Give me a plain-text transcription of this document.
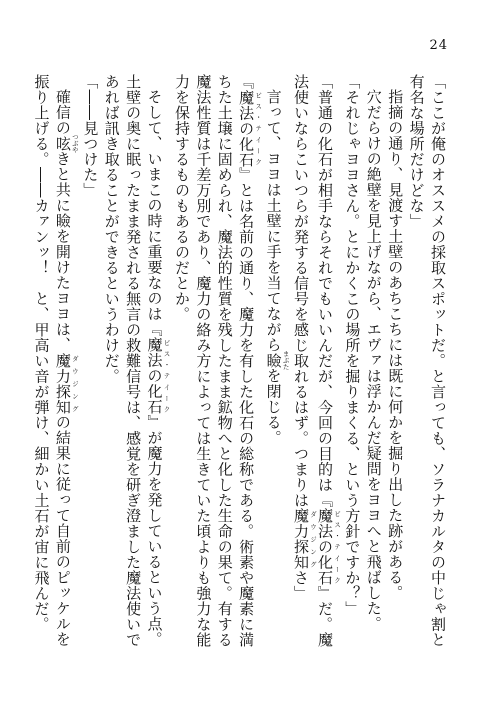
24

「ここが俺のオススメの採取スポットだ。と言っても、ソラナカルタの中じゃ割と有名な場所だけどな」

指摘の通り、見渡す土壁のあちこちには既に何かを掘り出した跡がある。

穴だらけの絶壁を見上げながら、エヴァは浮かんだ疑問をヨヨへと飛ばした。

「それじゃヨヨさん。とにかくこの場所を掘りまくる、という方針ですか？」

「普通の化石が相手ならそれでもいいんだが、今回の目的は『魔法の化石 ビス・テイーク』だ。魔法使いならこいつらが発する信号を感じ取れるはず。つまりは魔力探知 ダウジングさ」

言って、ヨヨは土壁に手を当てながら瞼 まぶたを閉じる。

『魔法の化石 ビス・テイーク』とは名前の通り、魔力を有した化石の総称である。術素や魔素に満ちた土壌に固められ、魔法的性質を残したまま鉱物へと化した生命の果て。有する魔法性質は千差万別であり、魔力の絡み方によっては生きていた頃よりも強力な能力を保持するものもあるのだとか。

そして、いまこの時に重要なのは『魔法の化石 ビス・テイーク』が魔力を発しているという点。土壁の奥に眠ったまま発される無言の救難信号は、感覚を研ぎ澄ました魔法使いであれば訊き取ることができるというわけだ。

「――見つけた」

確信の呟 つぶやきと共に瞼を開けたヨヨは、魔力探知 ダウジングの結果に従って自前のピッケルを振り上げる。――カァンッ！　と、甲高い音が弾け、細かい土石が宙に飛んだ。
